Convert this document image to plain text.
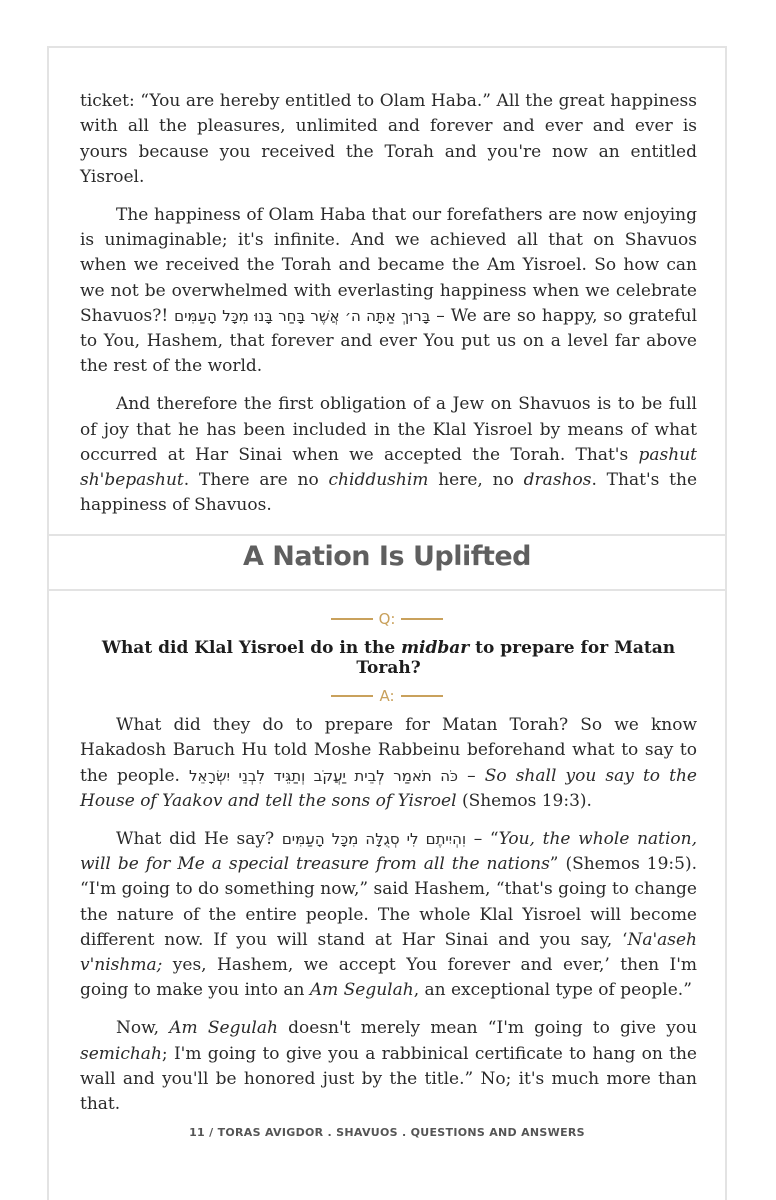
ticket: “You are hereby entitled to Olam Haba.” All the great happiness with all the pleasures, unlimited and forever and ever and ever is yours because you received the Torah and you're now an entitled Yisroel.

The happiness of Olam Haba that our forefathers are now enjoying is unimaginable; it's infinite. And we achieved all that on Shavuos when we received the Torah and became the Am Yisroel. So how can we not be overwhelmed with everlasting happiness when we celebrate Shavuos?! בָּרוּךְ אַתָּה ה׳ אֲשֶׁר בָּחַר בָּנוּ מִכָּל הָעַמִּים – We are so happy, so grateful to You, Hashem, that forever and ever You put us on a level far above the rest of the world.

And therefore the first obligation of a Jew on Shavuos is to be full of joy that he has been included in the Klal Yisroel by means of what occurred at Har Sinai when we accepted the Torah. That's pashut sh'bepashut. There are no chiddushim here, no drashos. That's the happiness of Shavuos.

A Nation Is Uplifted
Q:
What did Klal Yisroel do in the midbar to prepare for Matan Torah?
A:

What did they do to prepare for Matan Torah? So we know Hakadosh Baruch Hu told Moshe Rabbeinu beforehand what to say to the people. כֹּה תֹאמַר לְבֵית יַעֲקֹב וְתַגֵּיד לִבְנֵי יִשְׂרָאֵל – So shall you say to the House of Yaakov and tell the sons of Yisroel (Shemos 19:3).

What did He say? וִהְיִיתֶם לִי סְגֻלָּה מִכָּל הָעַמִּים – “You, the whole nation, will be for Me a special treasure from all the nations” (Shemos 19:5). “I'm going to do something now,” said Hashem, “that's going to change the nature of the entire people. The whole Klal Yisroel will become different now. If you will stand at Har Sinai and you say, ‘Na'aseh v'nishma; yes, Hashem, we accept You forever and ever,’ then I'm going to make you into an Am Segulah, an exceptional type of people.”

Now, Am Segulah doesn't merely mean “I'm going to give you semichah; I'm going to give you a rabbinical certificate to hang on the wall and you'll be honored just by the title.” No; it's much more than that.

11 / TORAS AVIGDOR . SHAVUOS . QUESTIONS AND ANSWERS
